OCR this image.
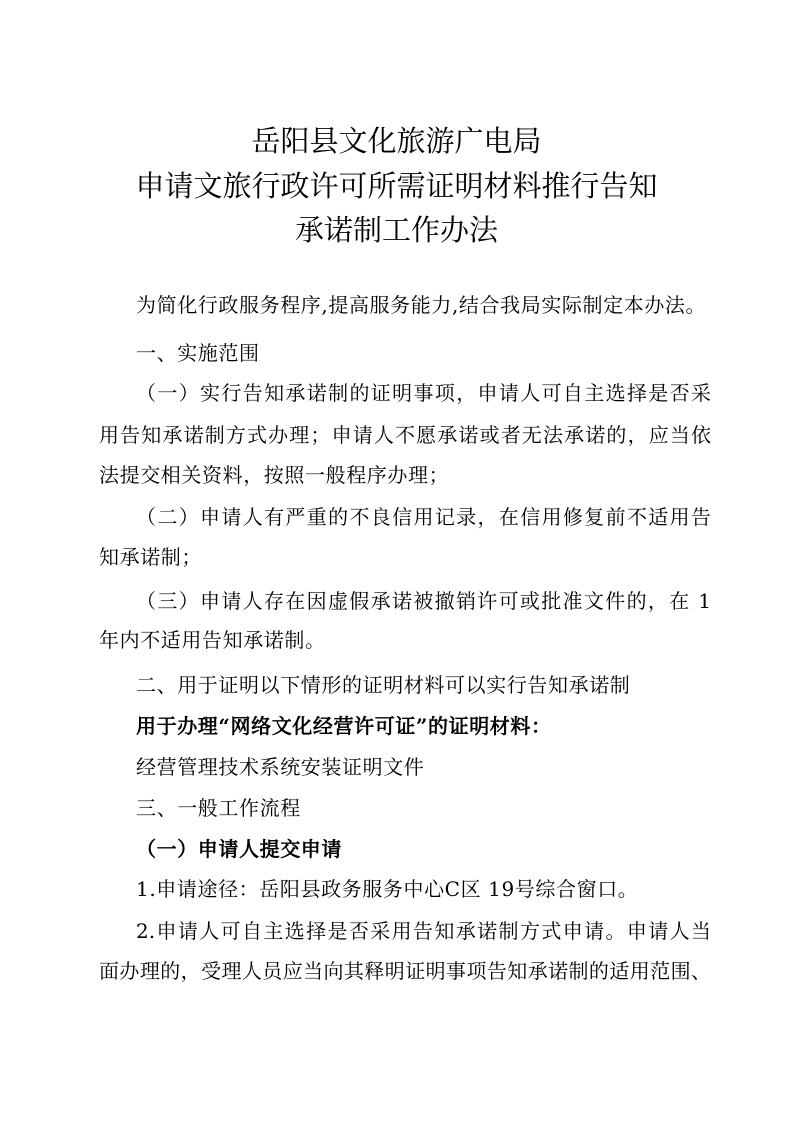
岳阳县文化旅游广电局
申请文旅行政许可所需证明材料推行告知
承诺制工作办法
为简化行政服务程序,提高服务能力,结合我局实际制定本办法。
一、实施范围
（一）实行告知承诺制的证明事项，申请人可自主选择是否采
用告知承诺制方式办理；申请人不愿承诺或者无法承诺的，应当依
法提交相关资料，按照一般程序办理；
（二）申请人有严重的不良信用记录，在信用修复前不适用告
知承诺制；
（三）申请人存在因虚假承诺被撤销许可或批准文件的，在 1
年内不适用告知承诺制。
二、用于证明以下情形的证明材料可以实行告知承诺制
用于办理“网络文化经营许可证”的证明材料：
经营管理技术系统安装证明文件
三、一般工作流程
（一）申请人提交申请
1.申请途径：岳阳县政务服务中心C区 19号综合窗口。
2.申请人可自主选择是否采用告知承诺制方式申请。申请人当
面办理的，受理人员应当向其释明证明事项告知承诺制的适用范围、
